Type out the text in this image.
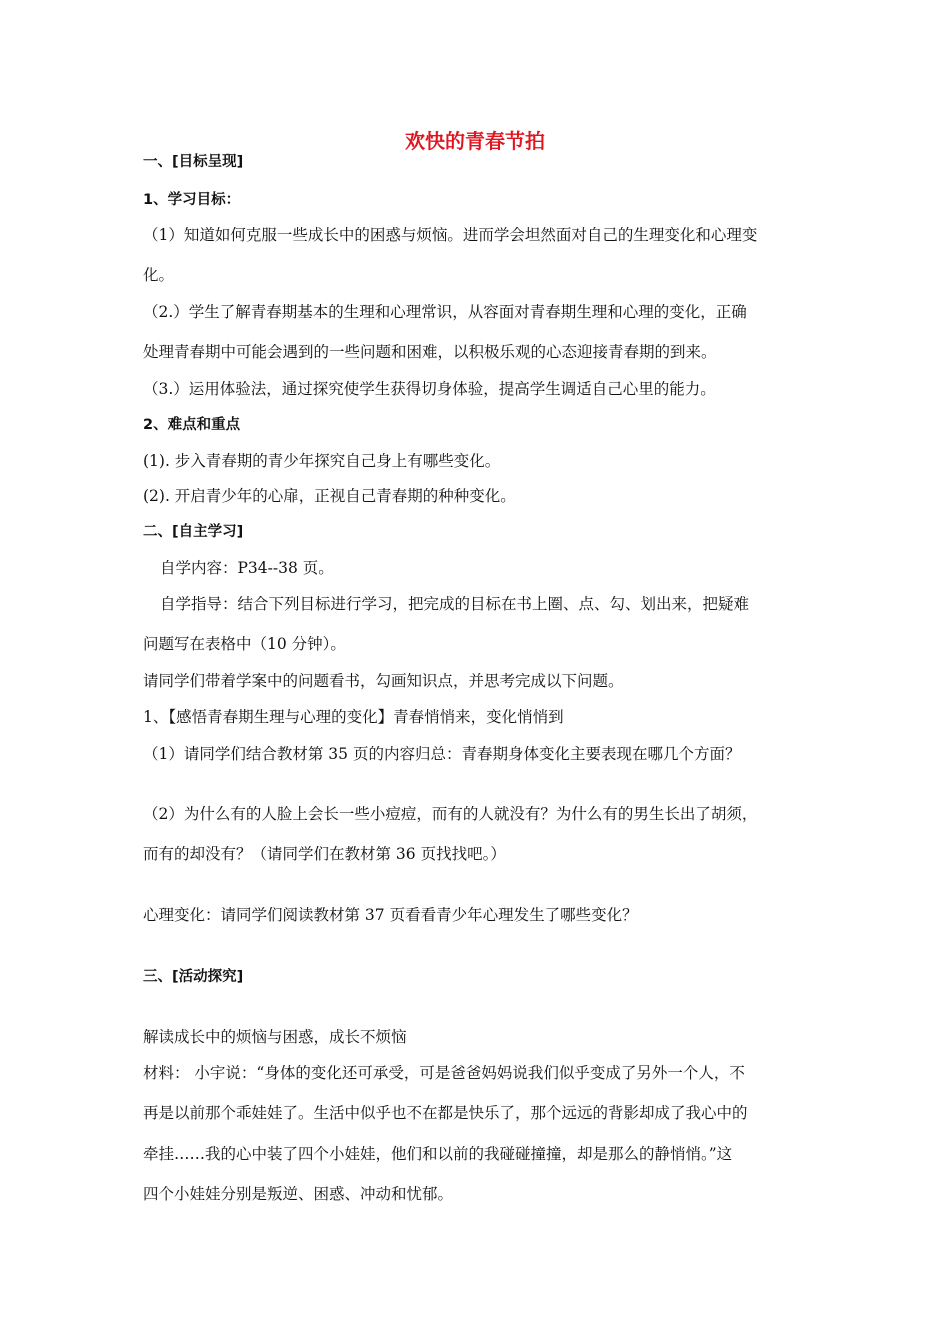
欢快的青春节拍
一、[目标呈现]
1、学习目标：
（1）知道如何克服一些成长中的困惑与烦恼。进而学会坦然面对自己的生理变化和心理变
化。
（2.）学生了解青春期基本的生理和心理常识，从容面对青春期生理和心理的变化，正确
处理青春期中可能会遇到的一些问题和困难，以积极乐观的心态迎接青春期的到来。
（3.）运用体验法，通过探究使学生获得切身体验，提高学生调适自己心里的能力。
2、难点和重点
(1). 步入青春期的青少年探究自己身上有哪些变化。
(2). 开启青少年的心扉，正视自己青春期的种种变化。
二、[自主学习]
自学内容：P34--38 页。
自学指导：结合下列目标进行学习，把完成的目标在书上圈、点、勾、划出来，把疑难
问题写在表格中（10 分钟）。
请同学们带着学案中的问题看书，勾画知识点，并思考完成以下问题。
1、【感悟青春期生理与心理的变化】青春悄悄来，变化悄悄到
（1）请同学们结合教材第 35 页的内容归总：青春期身体变化主要表现在哪几个方面？
（2）为什么有的人脸上会长一些小痘痘，而有的人就没有？为什么有的男生长出了胡须，
而有的却没有？（请同学们在教材第 36 页找找吧。）
心理变化：请同学们阅读教材第 37 页看看青少年心理发生了哪些变化？
三、[活动探究]
解读成长中的烦恼与困惑，成长不烦恼
材料： 小宇说：“身体的变化还可承受，可是爸爸妈妈说我们似乎变成了另外一个人，不
再是以前那个乖娃娃了。生活中似乎也不在都是快乐了，那个远远的背影却成了我心中的
牵挂……我的心中装了四个小娃娃，他们和以前的我碰碰撞撞，却是那么的静悄悄。”这
四个小娃娃分别是叛逆、困惑、冲动和忧郁。
